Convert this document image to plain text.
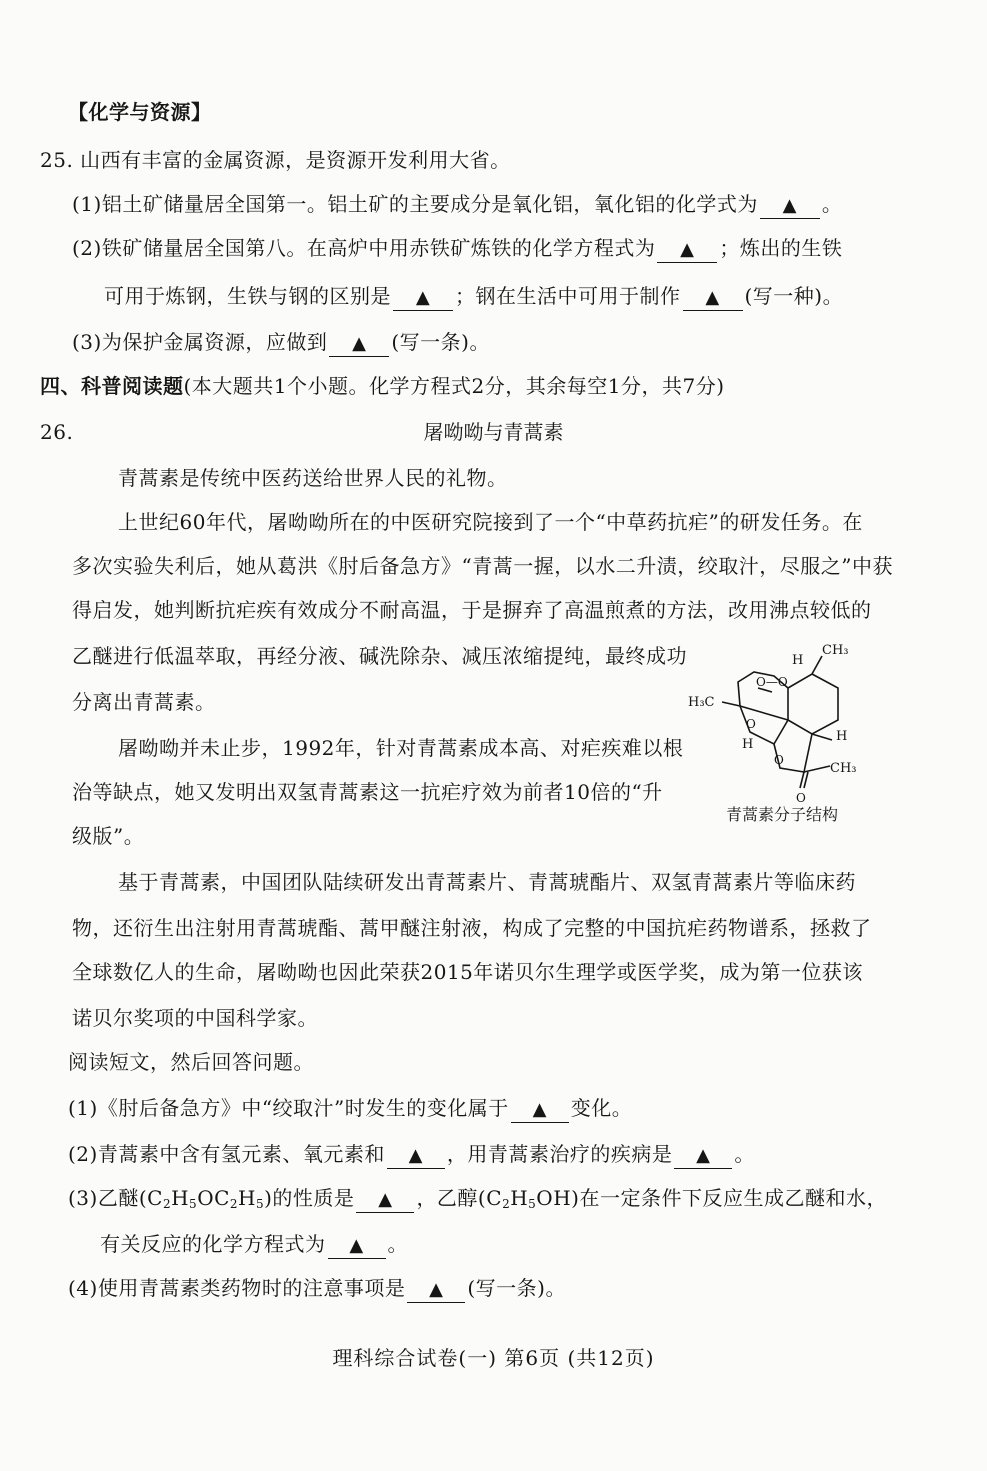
【化学与资源】
25. 山西有丰富的金属资源，是资源开发利用大省。
(1)铝土矿储量居全国第一。铝土矿的主要成分是氧化铝，氧化铝的化学式为 ▲ 。
(2)铁矿储量居全国第八。在高炉中用赤铁矿炼铁的化学方程式为 ▲ ；炼出的生铁
可用于炼钢，生铁与钢的区别是 ▲ ；钢在生活中可用于制作 ▲ (写一种)。
(3)为保护金属资源，应做到 ▲ (写一条)。
四、科普阅读题(本大题共1个小题。化学方程式2分，其余每空1分，共7分)
26.	屠呦呦与青蒿素
青蒿素是传统中医药送给世界人民的礼物。
上世纪60年代，屠呦呦所在的中医研究院接到了一个“中草药抗疟”的研发任务。在
多次实验失利后，她从葛洪《肘后备急方》“青蒿一握，以水二升渍，绞取汁，尽服之”中获
得启发，她判断抗疟疾有效成分不耐高温，于是摒弃了高温煎煮的方法，改用沸点较低的
乙醚进行低温萃取，再经分液、碱洗除杂、减压浓缩提纯，最终成功
分离出青蒿素。
屠呦呦并未止步，1992年，针对青蒿素成本高、对疟疾难以根
治等缺点，她又发明出双氢青蒿素这一抗疟疗效为前者10倍的“升
级版”。
CH₃
H
H₃C
O—O
O
H
H
O
CH₃
O
青蒿素分子结构
基于青蒿素，中国团队陆续研发出青蒿素片、青蒿琥酯片、双氢青蒿素片等临床药
物，还衍生出注射用青蒿琥酯、蒿甲醚注射液，构成了完整的中国抗疟药物谱系，拯救了
全球数亿人的生命，屠呦呦也因此荣获2015年诺贝尔生理学或医学奖，成为第一位获该
诺贝尔奖项的中国科学家。
阅读短文，然后回答问题。
(1)《肘后备急方》中“绞取汁”时发生的变化属于 ▲ 变化。
(2)青蒿素中含有氢元素、氧元素和 ▲ ，用青蒿素治疗的疾病是 ▲ 。
(3)乙醚$(C_2H_5OC_2H_5)$的性质是 ▲ ，乙醇$(C_2H_5OH)$在一定条件下反应生成乙醚和水，
有关反应的化学方程式为 ▲ 。
(4)使用青蒿素类药物时的注意事项是 ▲ (写一条)。
理科综合试卷(一) 第6页 (共12页)
